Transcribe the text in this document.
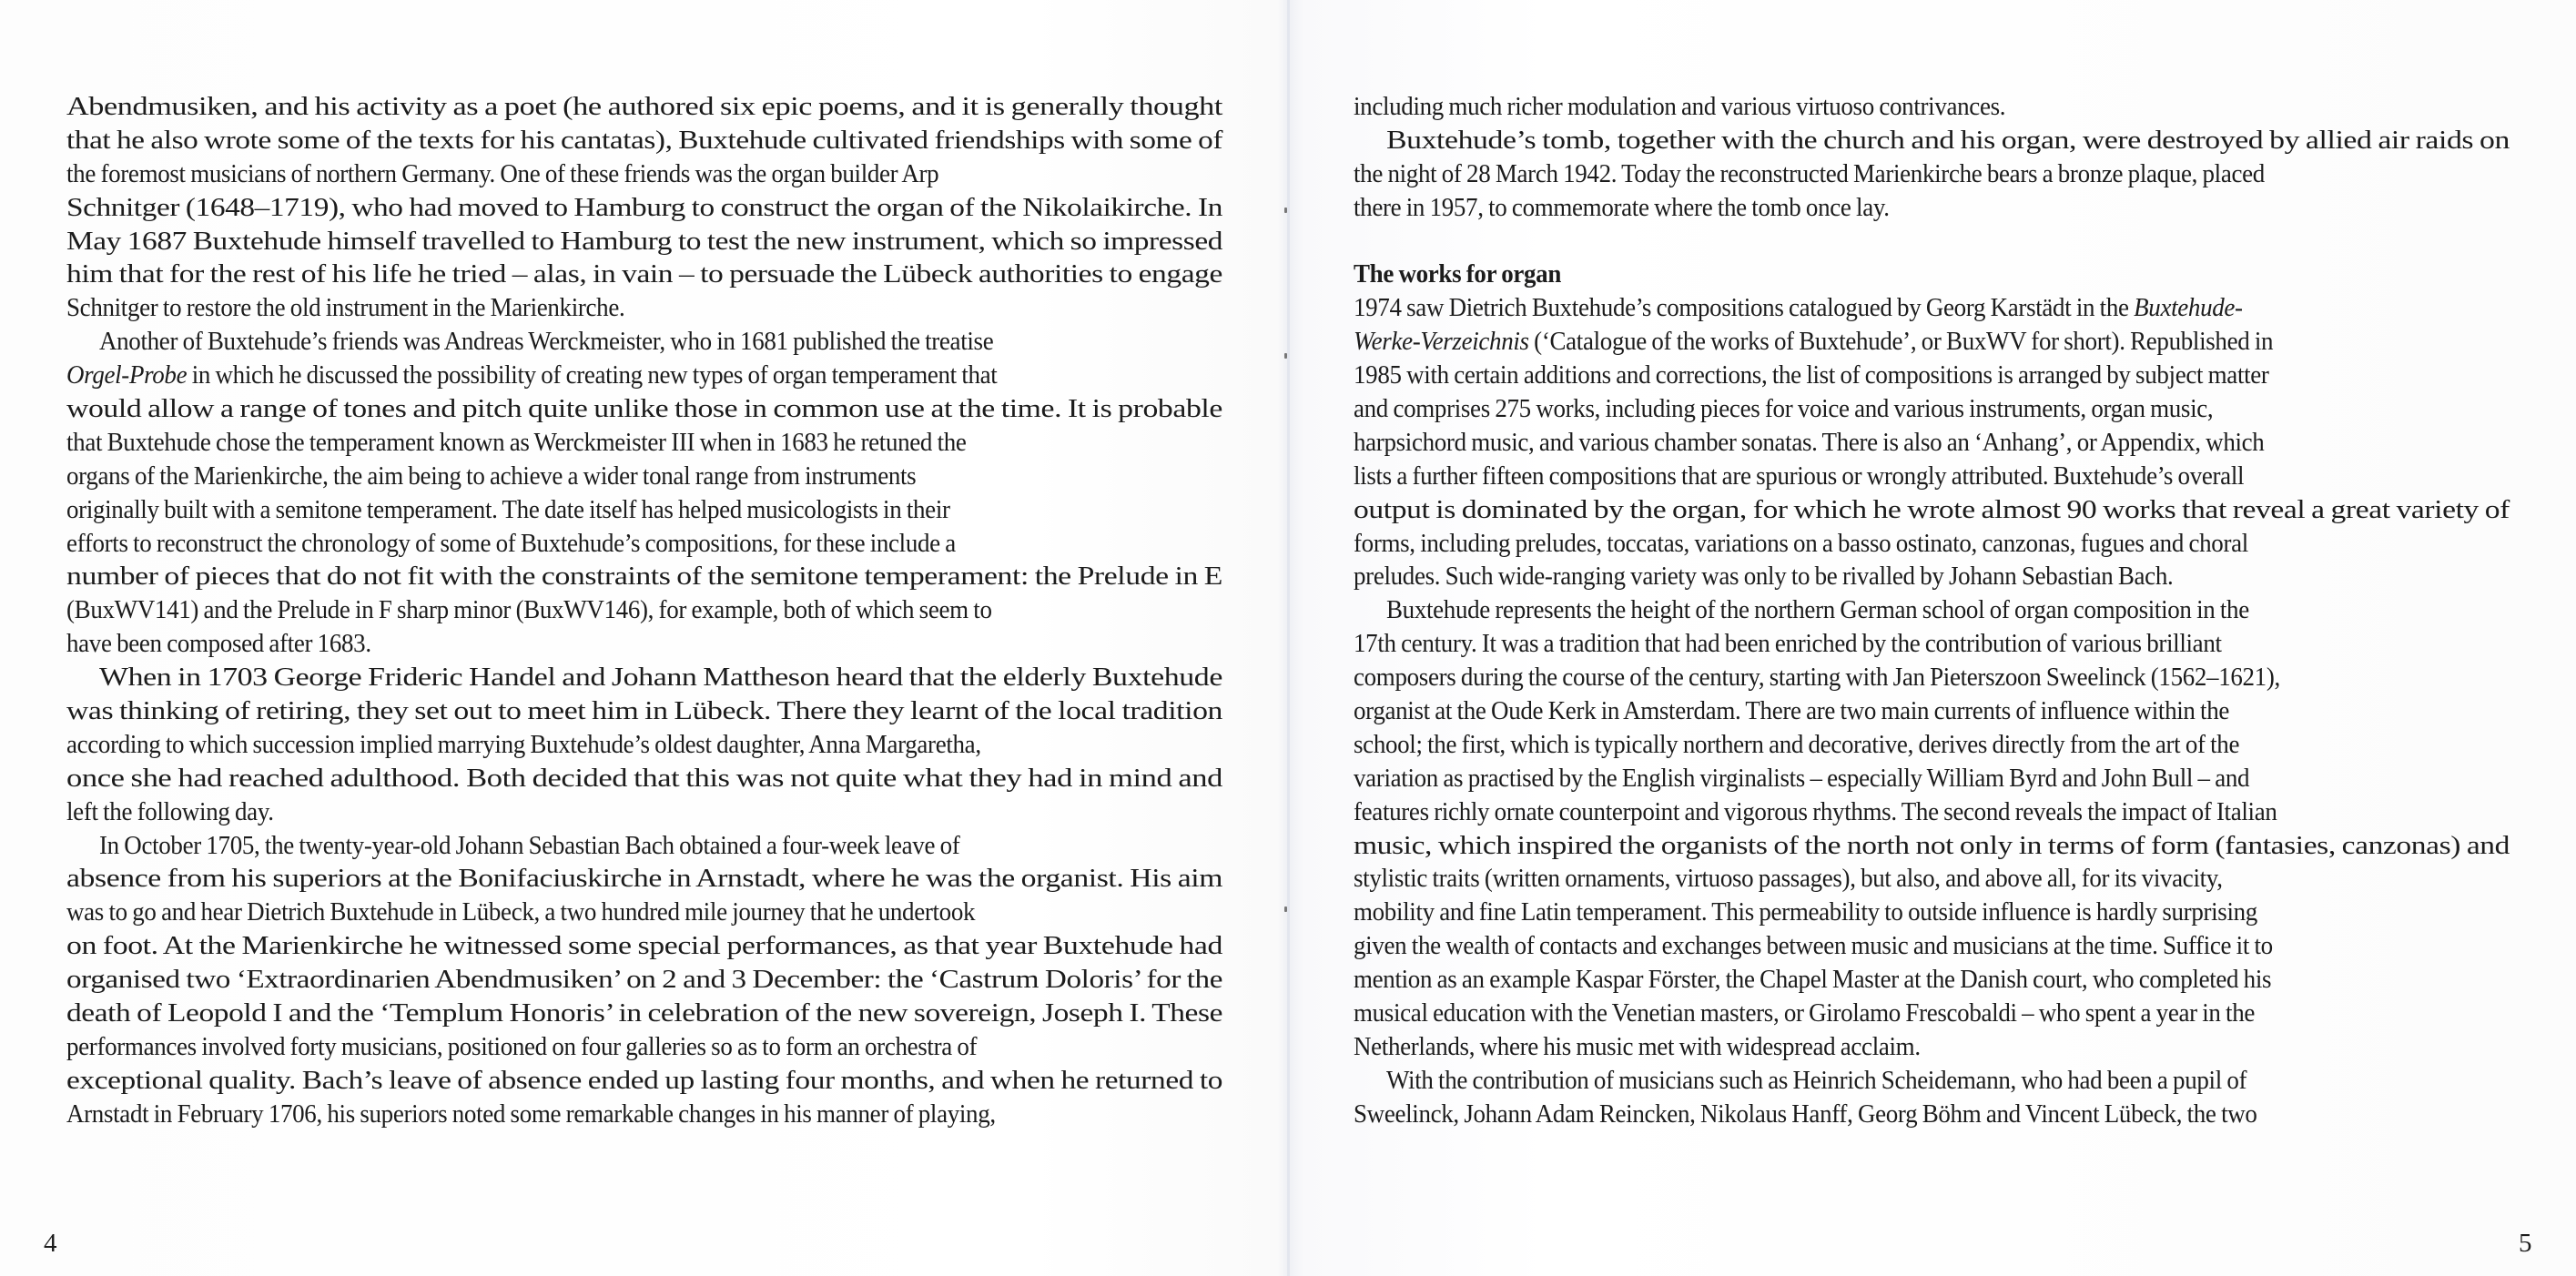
Abendmusiken, and his activity as a poet (he authored six epic poems, and it is generally thought
that he also wrote some of the texts for his cantatas), Buxtehude cultivated friendships with some of
the foremost musicians of northern Germany. One of these friends was the organ builder Arp
Schnitger (1648–1719), who had moved to Hamburg to construct the organ of the Nikolaikirche. In
May 1687 Buxtehude himself travelled to Hamburg to test the new instrument, which so impressed
him that for the rest of his life he tried – alas, in vain – to persuade the Lübeck authorities to engage
Schnitger to restore the old instrument in the Marienkirche.
Another of Buxtehude’s friends was Andreas Werckmeister, who in 1681 published the treatise
Orgel-Probe in which he discussed the possibility of creating new types of organ temperament that
would allow a range of tones and pitch quite unlike those in common use at the time. It is probable
that Buxtehude chose the temperament known as Werckmeister III when in 1683 he retuned the
organs of the Marienkirche, the aim being to achieve a wider tonal range from instruments
originally built with a semitone temperament. The date itself has helped musicologists in their
efforts to reconstruct the chronology of some of Buxtehude’s compositions, for these include a
number of pieces that do not fit with the constraints of the semitone temperament: the Prelude in E
(BuxWV141) and the Prelude in F sharp minor (BuxWV146), for example, both of which seem to
have been composed after 1683.
When in 1703 George Frideric Handel and Johann Mattheson heard that the elderly Buxtehude
was thinking of retiring, they set out to meet him in Lübeck. There they learnt of the local tradition
according to which succession implied marrying Buxtehude’s oldest daughter, Anna Margaretha,
once she had reached adulthood. Both decided that this was not quite what they had in mind and
left the following day.
In October 1705, the twenty-year-old Johann Sebastian Bach obtained a four-week leave of
absence from his superiors at the Bonifaciuskirche in Arnstadt, where he was the organist. His aim
was to go and hear Dietrich Buxtehude in Lübeck, a two hundred mile journey that he undertook
on foot. At the Marienkirche he witnessed some special performances, as that year Buxtehude had
organised two ‘Extraordinarien Abendmusiken’ on 2 and 3 December: the ‘Castrum Doloris’ for the
death of Leopold I and the ‘Templum Honoris’ in celebration of the new sovereign, Joseph I. These
performances involved forty musicians, positioned on four galleries so as to form an orchestra of
exceptional quality. Bach’s leave of absence ended up lasting four months, and when he returned to
Arnstadt in February 1706, his superiors noted some remarkable changes in his manner of playing,
4
including much richer modulation and various virtuoso contrivances.
Buxtehude’s tomb, together with the church and his organ, were destroyed by allied air raids on
the night of 28 March 1942. Today the reconstructed Marienkirche bears a bronze plaque, placed
there in 1957, to commemorate where the tomb once lay.
The works for organ
1974 saw Dietrich Buxtehude’s compositions catalogued by Georg Karstädt in the Buxtehude-
Werke-Verzeichnis (‘Catalogue of the works of Buxtehude’, or BuxWV for short). Republished in
1985 with certain additions and corrections, the list of compositions is arranged by subject matter
and comprises 275 works, including pieces for voice and various instruments, organ music,
harpsichord music, and various chamber sonatas. There is also an ‘Anhang’, or Appendix, which
lists a further fifteen compositions that are spurious or wrongly attributed. Buxtehude’s overall
output is dominated by the organ, for which he wrote almost 90 works that reveal a great variety of
forms, including preludes, toccatas, variations on a basso ostinato, canzonas, fugues and choral
preludes. Such wide-ranging variety was only to be rivalled by Johann Sebastian Bach.
Buxtehude represents the height of the northern German school of organ composition in the
17th century. It was a tradition that had been enriched by the contribution of various brilliant
composers during the course of the century, starting with Jan Pieterszoon Sweelinck (1562–1621),
organist at the Oude Kerk in Amsterdam. There are two main currents of influence within the
school; the first, which is typically northern and decorative, derives directly from the art of the
variation as practised by the English virginalists – especially William Byrd and John Bull – and
features richly ornate counterpoint and vigorous rhythms. The second reveals the impact of Italian
music, which inspired the organists of the north not only in terms of form (fantasies, canzonas) and
stylistic traits (written ornaments, virtuoso passages), but also, and above all, for its vivacity,
mobility and fine Latin temperament. This permeability to outside influence is hardly surprising
given the wealth of contacts and exchanges between music and musicians at the time. Suffice it to
mention as an example Kaspar Förster, the Chapel Master at the Danish court, who completed his
musical education with the Venetian masters, or Girolamo Frescobaldi – who spent a year in the
Netherlands, where his music met with widespread acclaim.
With the contribution of musicians such as Heinrich Scheidemann, who had been a pupil of
Sweelinck, Johann Adam Reincken, Nikolaus Hanff, Georg Böhm and Vincent Lübeck, the two
5
